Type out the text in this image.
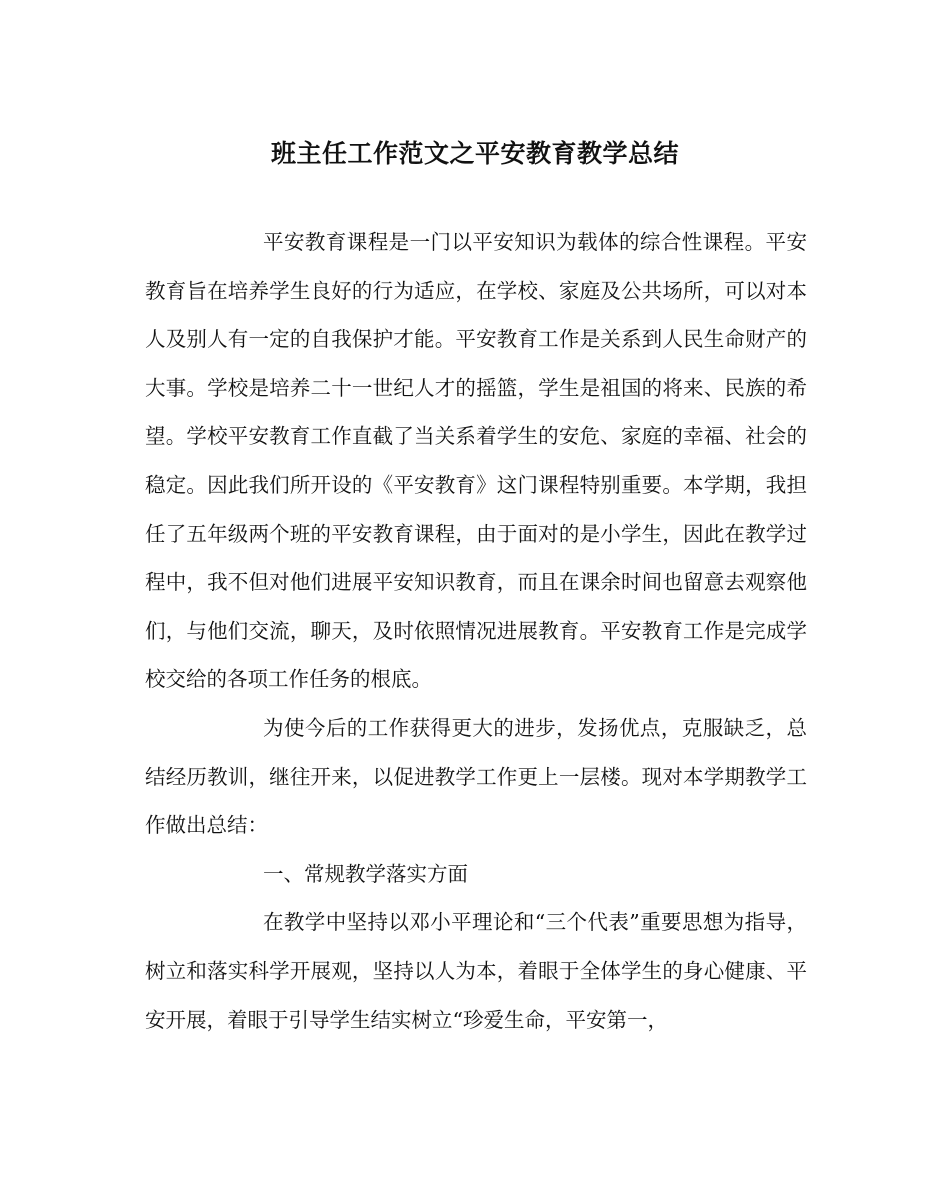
班主任工作范文之平安教育教学总结

平安教育课程是一门以平安知识为载体的综合性课程。平安教育旨在培养学生良好的行为适应，在学校、家庭及公共场所，可以对本人及别人有一定的自我保护才能。平安教育工作是关系到人民生命财产的大事。学校是培养二十一世纪人才的摇篮，学生是祖国的将来、民族的希望。学校平安教育工作直截了当关系着学生的安危、家庭的幸福、社会的稳定。因此我们所开设的《平安教育》这门课程特别重要。本学期，我担任了五年级两个班的平安教育课程，由于面对的是小学生，因此在教学过程中，我不但对他们进展平安知识教育，而且在课余时间也留意去观察他们，与他们交流，聊天，及时依照情况进展教育。平安教育工作是完成学校交给的各项工作任务的根底。

为使今后的工作获得更大的进步，发扬优点，克服缺乏，总结经历教训，继往开来，以促进教学工作更上一层楼。现对本学期教学工作做出总结：

一、常规教学落实方面

在教学中坚持以邓小平理论和“三个代表”重要思想为指导，树立和落实科学开展观，坚持以人为本，着眼于全体学生的身心健康、平安开展，着眼于引导学生结实树立“珍爱生命，平安第一，
